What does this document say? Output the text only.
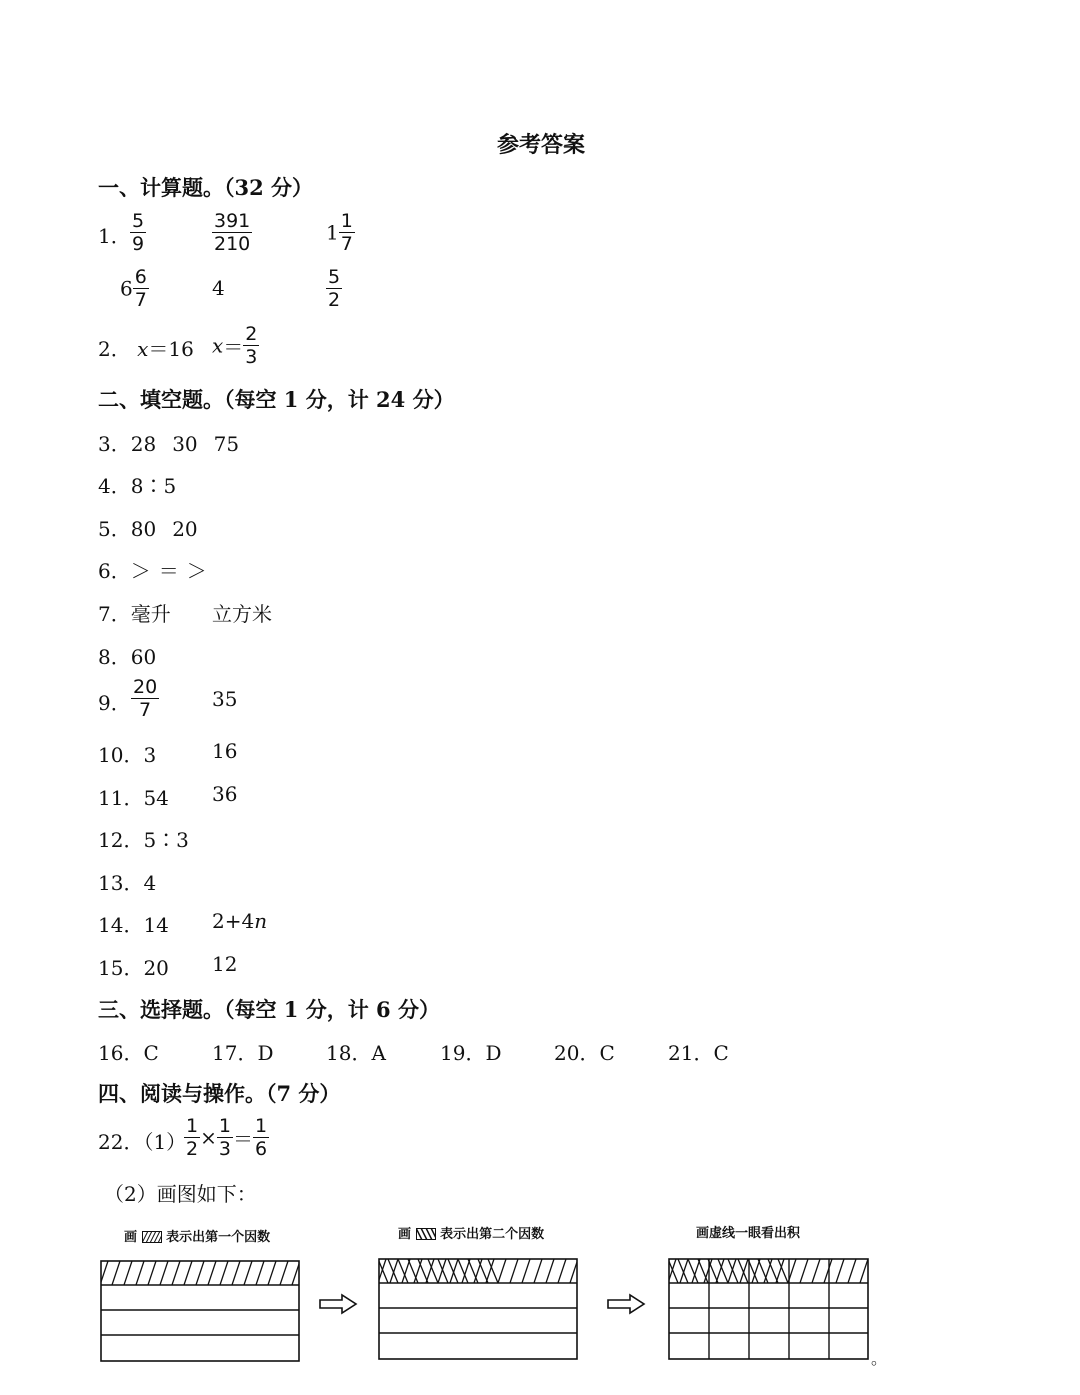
参考答案
一、计算题。（32 分）
1． $\frac{5}{9}$	$\frac{391}{210}$	$1 \frac{1}{7}$
$6 \frac{6}{7}$	4	$\frac{5}{2}$
2． x＝16 $x= \frac{2}{3}$
二、填空题。（每空 1 分，计 24 分）
3．28 30 75
4．8∶5
5．80 20
6．＞ ＝ ＞
7．毫升 立方米
8．60
9． $\frac{20}{7}$	35
10．3	16
11．54 36
12．5∶3
13．4
14．14 2+4n
15．20 12
三、选择题。（每空 1 分，计 6 分）
16．C	17．D	18．A	19．D	20．C	21．C
四、阅读与操作。（7 分）
22．（1）
$\frac{1}{2} \times \frac{1}{3} = \frac{1}{6}$
（2）画图如下：
画 表示出第一个因数	画 表示出第二个因数	画虚线一眼看出积
。
